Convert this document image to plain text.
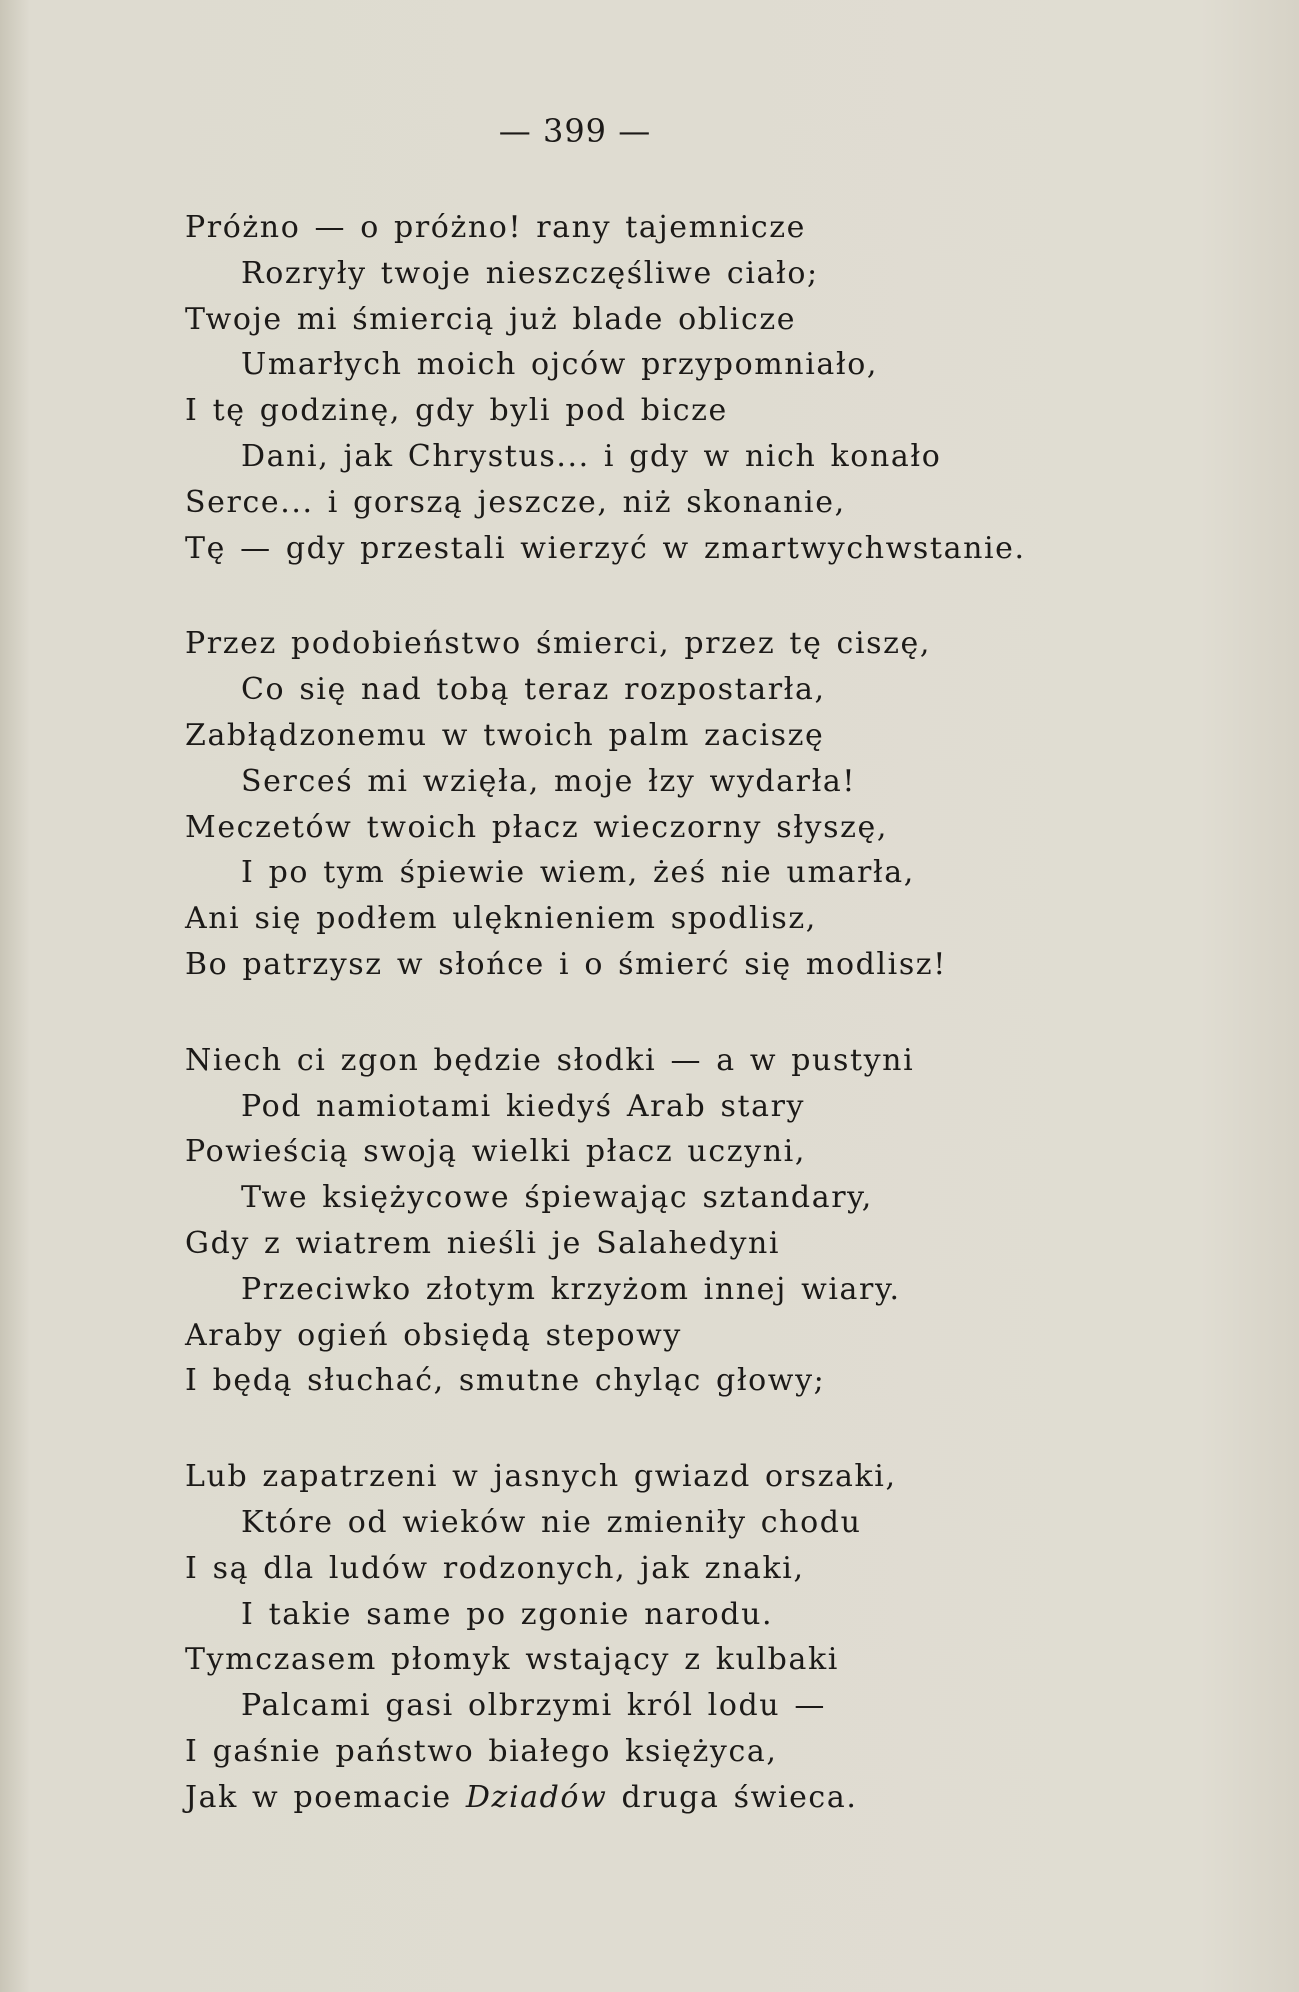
— 399 —
Próżno — o próżno! rany tajemnicze
Rozryły twoje nieszczęśliwe ciało;
Twoje mi śmiercią już blade oblicze
Umarłych moich ojców przypomniało,
I tę godzinę, gdy byli pod bicze
Dani, jak Chrystus... i gdy w nich konało
Serce... i gorszą jeszcze, niż skonanie,
Tę — gdy przestali wierzyć w zmartwychwstanie.
Przez podobieństwo śmierci, przez tę ciszę,
Co się nad tobą teraz rozpostarła,
Zabłądzonemu w twoich palm zaciszę
Serceś mi wzięła, moje łzy wydarła!
Meczetów twoich płacz wieczorny słyszę,
I po tym śpiewie wiem, żeś nie umarła,
Ani się podłem ulęknieniem spodlisz,
Bo patrzysz w słońce i o śmierć się modlisz!
Niech ci zgon będzie słodki — a w pustyni
Pod namiotami kiedyś Arab stary
Powieścią swoją wielki płacz uczyni,
Twe księżycowe śpiewając sztandary,
Gdy z wiatrem nieśli je Salahedyni
Przeciwko złotym krzyżom innej wiary.
Araby ogień obsiędą stepowy
I będą słuchać, smutne chyląc głowy;
Lub zapatrzeni w jasnych gwiazd orszaki,
Które od wieków nie zmieniły chodu
I są dla ludów rodzonych, jak znaki,
I takie same po zgonie narodu.
Tymczasem płomyk wstający z kulbaki
Palcami gasi olbrzymi król lodu —
I gaśnie państwo białego księżyca,
Jak w poemacie Dziadów druga świeca.
